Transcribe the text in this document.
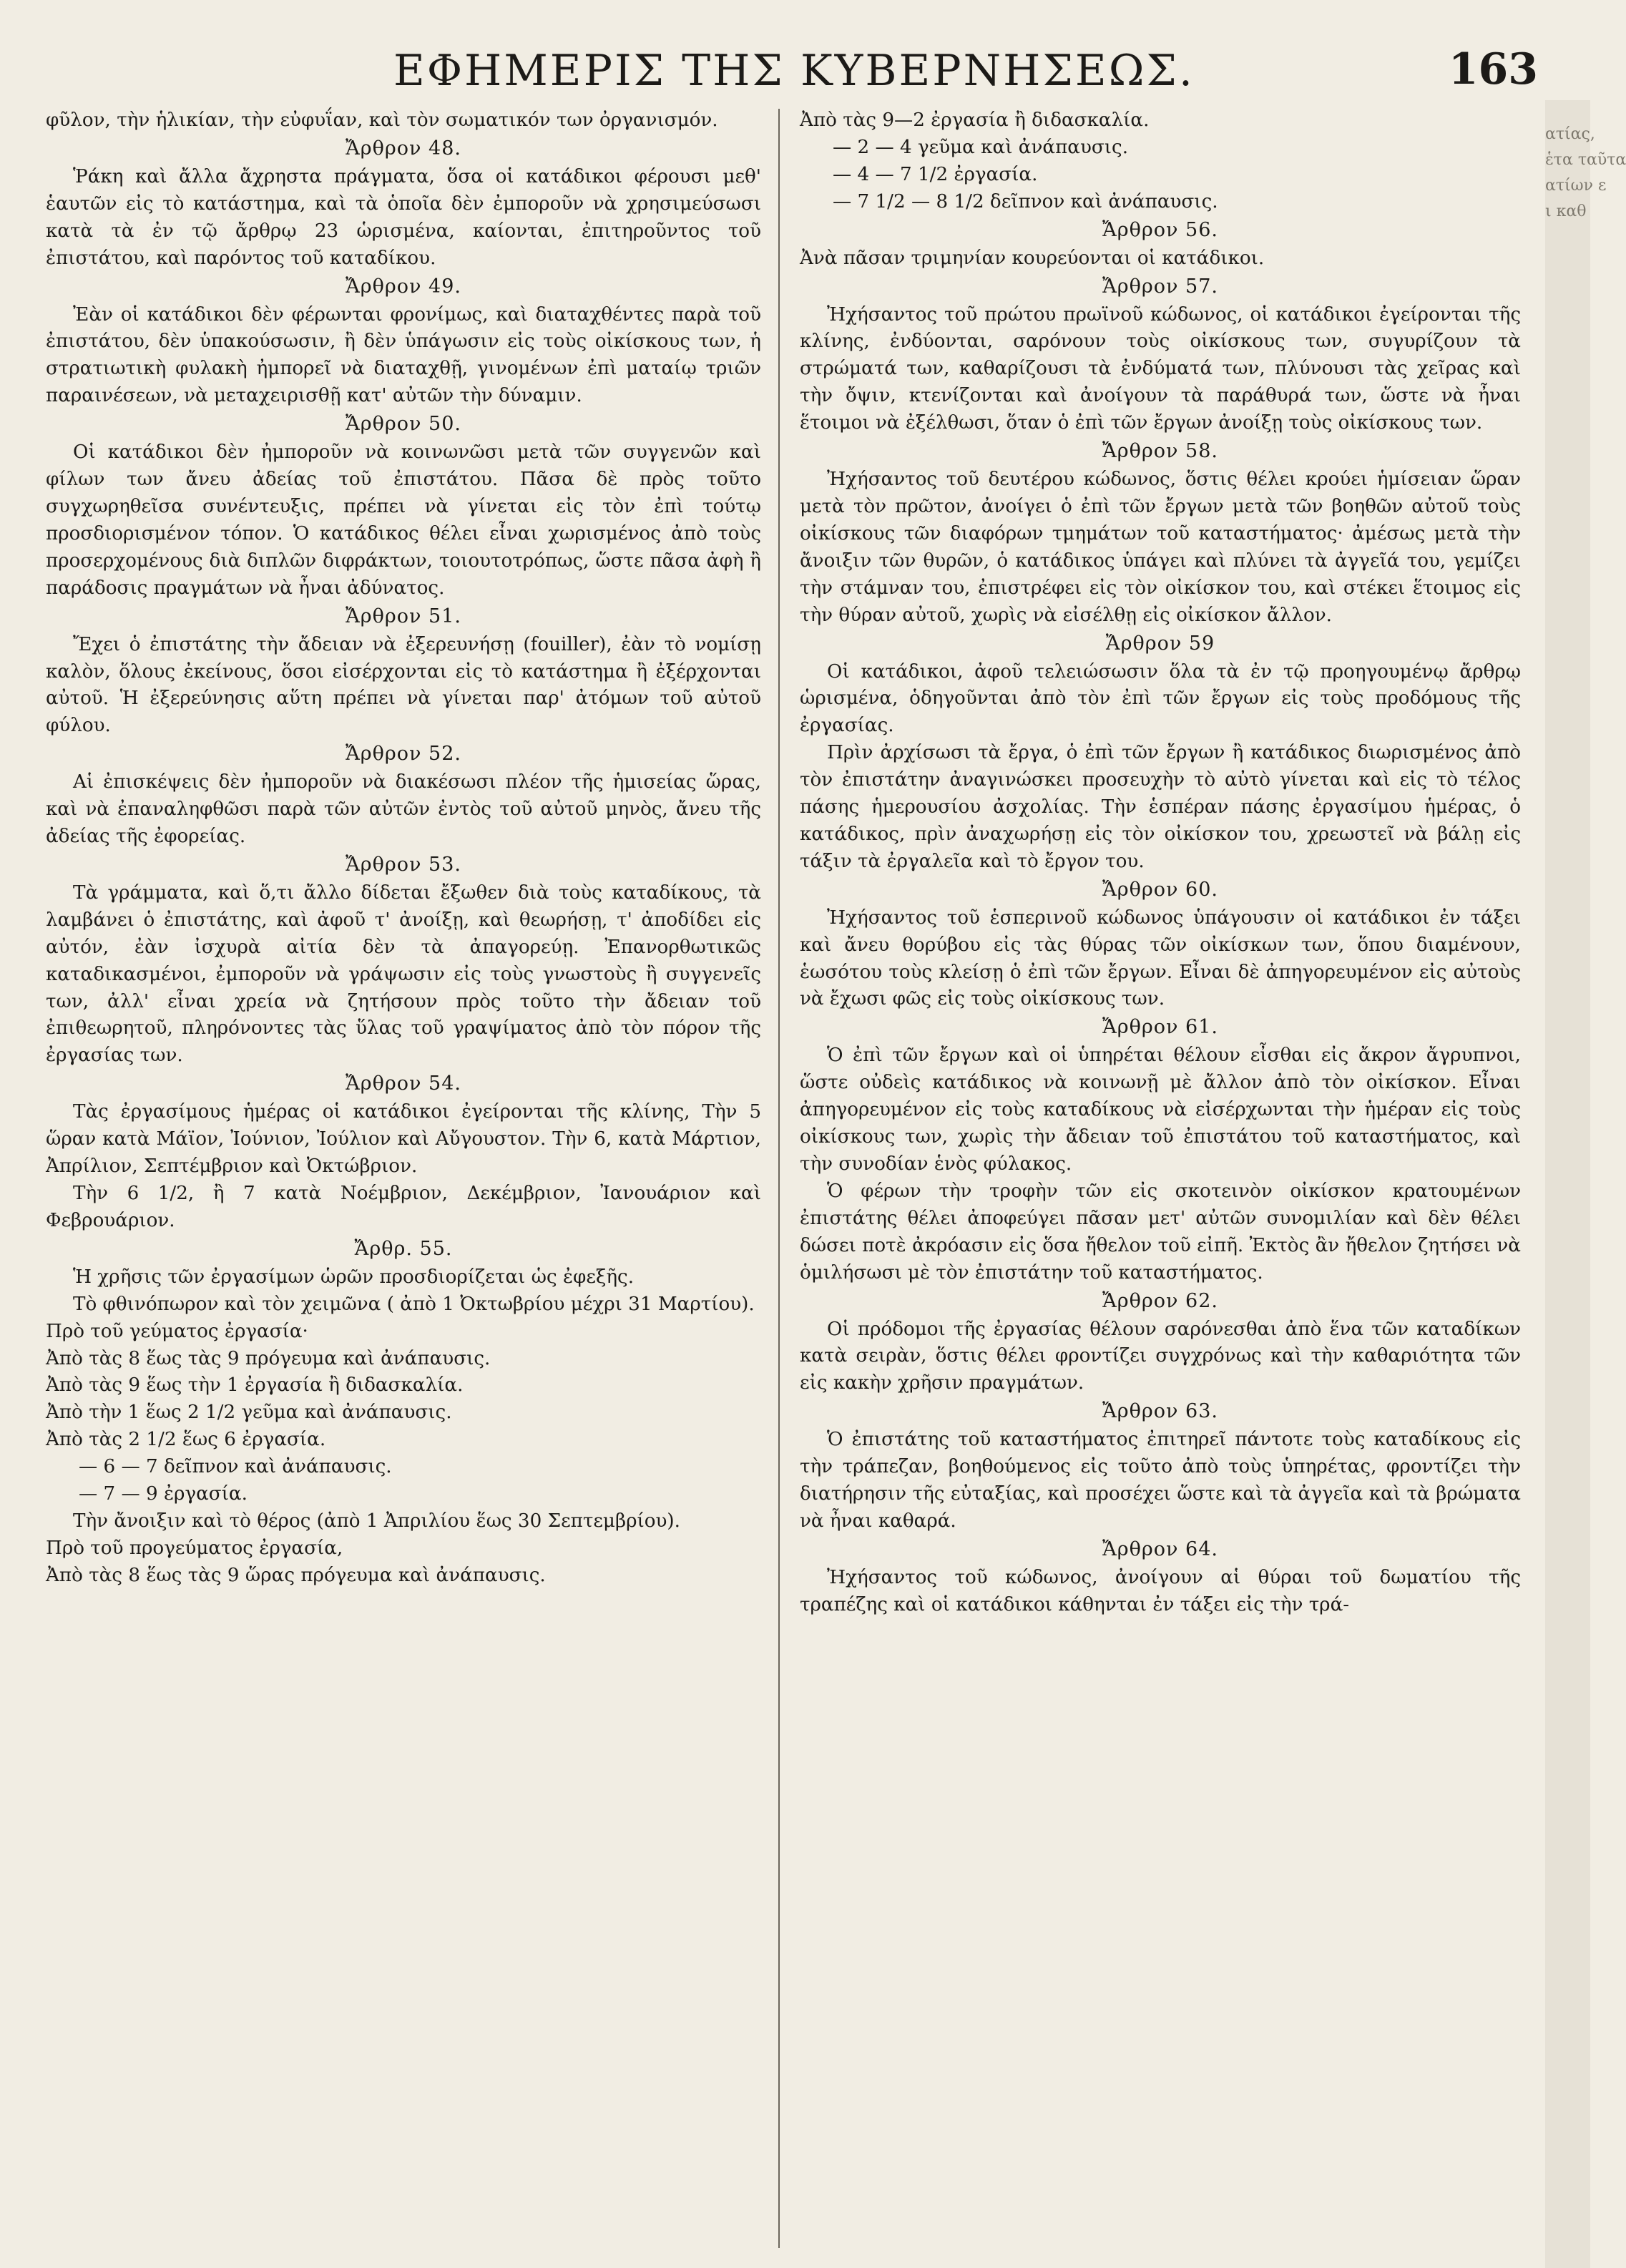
ΕΦΗΜΕΡΙΣ ΤΗΣ ΚΥΒΕΡΝΗΣΕΩΣ.	163

φῦλον, τὴν ἡλικίαν, τὴν εὐφυΐαν, καὶ τὸν σωματικόν των ὀργανισμόν.

Ἄρθρον 48.

Ῥάκη καὶ ἄλλα ἄχρηστα πράγματα, ὅσα οἱ κατάδικοι φέρουσι μεθ' ἑαυτῶν εἰς τὸ κατάστημα, καὶ τὰ ὁποῖα δὲν ἐμποροῦν νὰ χρησιμεύσωσι κατὰ τὰ ἐν τῷ ἄρθρῳ 23 ὡρισμένα, καίονται, ἐπιτηροῦντος τοῦ ἐπιστάτου, καὶ παρόντος τοῦ καταδίκου.

Ἄρθρον 49.

Ἐὰν οἱ κατάδικοι δὲν φέρωνται φρονίμως, καὶ διαταχθέντες παρὰ τοῦ ἐπιστάτου, δὲν ὑπακούσωσιν, ἢ δὲν ὑπάγωσιν εἰς τοὺς οἰκίσκους των, ἡ στρατιωτικὴ φυλακὴ ἠμπορεῖ νὰ διαταχθῇ, γινομένων ἐπὶ ματαίῳ τριῶν παραινέσεων, νὰ μεταχειρισθῇ κατ' αὐτῶν τὴν δύναμιν.

Ἄρθρον 50.

Οἱ κατάδικοι δὲν ἠμποροῦν νὰ κοινωνῶσι μετὰ τῶν συγγενῶν καὶ φίλων των ἄνευ ἀδείας τοῦ ἐπιστάτου. Πᾶσα δὲ πρὸς τοῦτο συγχωρηθεῖσα συνέντευξις, πρέπει νὰ γίνεται εἰς τὸν ἐπὶ τούτῳ προσδιορισμένον τόπον. Ὁ κατάδικος θέλει εἶναι χωρισμένος ἀπὸ τοὺς προσερχομένους διὰ διπλῶν διφράκτων, τοιουτοτρόπως, ὥστε πᾶσα ἀφὴ ἢ παράδοσις πραγμάτων νὰ ἦναι ἀδύνατος.

Ἄρθρον 51.

Ἔχει ὁ ἐπιστάτης τὴν ἄδειαν νὰ ἐξερευνήσῃ (fouiller), ἐὰν τὸ νομίσῃ καλὸν, ὅλους ἐκείνους, ὅσοι εἰσέρχονται εἰς τὸ κατάστημα ἢ ἐξέρχονται αὐτοῦ. Ἡ ἐξερεύνησις αὕτη πρέπει νὰ γίνεται παρ' ἀτόμων τοῦ αὐτοῦ φύλου.

Ἄρθρον 52.

Αἱ ἐπισκέψεις δὲν ἠμποροῦν νὰ διακέσωσι πλέον τῆς ἡμισείας ὥρας, καὶ νὰ ἐπαναληφθῶσι παρὰ τῶν αὐτῶν ἐντὸς τοῦ αὐτοῦ μηνὸς, ἄνευ τῆς ἀδείας τῆς ἐφορείας.

Ἄρθρον 53.

Τὰ γράμματα, καὶ ὅ,τι ἄλλο δίδεται ἔξωθεν διὰ τοὺς καταδίκους, τὰ λαμβάνει ὁ ἐπιστάτης, καὶ ἀφοῦ τ' ἀνοίξῃ, καὶ θεωρήσῃ, τ' ἀποδίδει εἰς αὐτόν, ἐὰν ἰσχυρὰ αἰτία δὲν τὰ ἀπαγορεύῃ. Ἐπανορθωτικῶς καταδικασμένοι, ἐμποροῦν νὰ γράψωσιν εἰς τοὺς γνωστοὺς ἢ συγγενεῖς των, ἀλλ' εἶναι χρεία νὰ ζητήσουν πρὸς τοῦτο τὴν ἄδειαν τοῦ ἐπιθεωρητοῦ, πληρόνοντες τὰς ὕλας τοῦ γραψίματος ἀπὸ τὸν πόρον τῆς ἐργασίας των.

Ἄρθρον 54.

Τὰς ἐργασίμους ἡμέρας οἱ κατάδικοι ἐγείρονται τῆς κλίνης, Τὴν 5 ὥραν κατὰ Μάϊον, Ἰούνιον, Ἰούλιον καὶ Αὔγουστον. Τὴν 6, κατὰ Μάρτιον, Ἀπρίλιον, Σεπτέμβριον καὶ Ὀκτώβριον.

Τὴν 6 1/2, ἢ 7 κατὰ Νοέμβριον, Δεκέμβριον, Ἰανουάριον καὶ Φεβρουάριον.

Ἄρθρ. 55.

Ἡ χρῆσις τῶν ἐργασίμων ὡρῶν προσδιορίζεται ὡς ἐφεξῆς.

Τὸ φθινόπωρον καὶ τὸν χειμῶνα ( ἀπὸ 1 Ὀκτωβρίου μέχρι 31 Μαρτίου).

Πρὸ τοῦ γεύματος ἐργασία·

Ἀπὸ τὰς 8 ἕως τὰς 9 πρόγευμα καὶ ἀνάπαυσις.

Ἀπὸ τὰς 9 ἕως τὴν 1 ἐργασία ἢ διδασκαλία.

Ἀπὸ τὴν 1 ἕως 2 1/2 γεῦμα καὶ ἀνάπαυσις.

Ἀπὸ τὰς 2 1/2 ἕως 6 ἐργασία.

— 6 — 7 δεῖπνον καὶ ἀνάπαυσις.

— 7 — 9 ἐργασία.

Τὴν ἄνοιξιν καὶ τὸ θέρος (ἀπὸ 1 Ἀπριλίου ἕως 30 Σεπτεμβρίου).

Πρὸ τοῦ προγεύματος ἐργασία,

Ἀπὸ τὰς 8 ἕως τὰς 9 ὥρας πρόγευμα καὶ ἀνάπαυσις.

Ἀπὸ τὰς 9—2 ἐργασία ἢ διδασκαλία.

— 2 — 4 γεῦμα καὶ ἀνάπαυσις.

— 4 — 7 1/2 ἐργασία.

— 7 1/2 — 8 1/2 δεῖπνον καὶ ἀνάπαυσις.

Ἄρθρον 56.

Ἀνὰ πᾶσαν τριμηνίαν κουρεύονται οἱ κατάδικοι.

Ἄρθρον 57.

Ἠχήσαντος τοῦ πρώτου πρωϊνοῦ κώδωνος, οἱ κατάδικοι ἐγείρονται τῆς κλίνης, ἐνδύονται, σαρόνουν τοὺς οἰκίσκους των, συγυρίζουν τὰ στρώματά των, καθαρίζουσι τὰ ἐνδύματά των, πλύνουσι τὰς χεῖρας καὶ τὴν ὄψιν, κτενίζονται καὶ ἀνοίγουν τὰ παράθυρά των, ὥστε νὰ ἦναι ἕτοιμοι νὰ ἐξέλθωσι, ὅταν ὁ ἐπὶ τῶν ἔργων ἀνοίξῃ τοὺς οἰκίσκους των.

Ἄρθρον 58.

Ἠχήσαντος τοῦ δευτέρου κώδωνος, ὅστις θέλει κρούει ἡμίσειαν ὥραν μετὰ τὸν πρῶτον, ἀνοίγει ὁ ἐπὶ τῶν ἔργων μετὰ τῶν βοηθῶν αὐτοῦ τοὺς οἰκίσκους τῶν διαφόρων τμημάτων τοῦ καταστήματος· ἀμέσως μετὰ τὴν ἄνοιξιν τῶν θυρῶν, ὁ κατάδικος ὑπάγει καὶ πλύνει τὰ ἀγγεῖά του, γεμίζει τὴν στάμναν του, ἐπιστρέφει εἰς τὸν οἰκίσκον του, καὶ στέκει ἕτοιμος εἰς τὴν θύραν αὐτοῦ, χωρὶς νὰ εἰσέλθῃ εἰς οἰκίσκον ἄλλον.

Ἄρθρον 59

Οἱ κατάδικοι, ἀφοῦ τελειώσωσιν ὅλα τὰ ἐν τῷ προηγουμένῳ ἄρθρῳ ὡρισμένα, ὁδηγοῦνται ἀπὸ τὸν ἐπὶ τῶν ἔργων εἰς τοὺς προδόμους τῆς ἐργασίας.

Πρὶν ἀρχίσωσι τὰ ἔργα, ὁ ἐπὶ τῶν ἔργων ἢ κατάδικος διωρισμένος ἀπὸ τὸν ἐπιστάτην ἀναγινώσκει προσευχὴν τὸ αὐτὸ γίνεται καὶ εἰς τὸ τέλος πάσης ἡμερουσίου ἀσχολίας. Τὴν ἑσπέραν πάσης ἐργασίμου ἡμέρας, ὁ κατάδικος, πρὶν ἀναχωρήσῃ εἰς τὸν οἰκίσκον του, χρεωστεῖ νὰ βάλῃ εἰς τάξιν τὰ ἐργαλεῖα καὶ τὸ ἔργον του.

Ἄρθρον 60.

Ἠχήσαντος τοῦ ἑσπερινοῦ κώδωνος ὑπάγουσιν οἱ κατάδικοι ἐν τάξει καὶ ἄνευ θορύβου εἰς τὰς θύρας τῶν οἰκίσκων των, ὅπου διαμένουν, ἑωσότου τοὺς κλείσῃ ὁ ἐπὶ τῶν ἔργων. Εἶναι δὲ ἀπηγορευμένον εἰς αὐτοὺς νὰ ἔχωσι φῶς εἰς τοὺς οἰκίσκους των.

Ἄρθρον 61.

Ὁ ἐπὶ τῶν ἔργων καὶ οἱ ὑπηρέται θέλουν εἶσθαι εἰς ἄκρον ἄγρυπνοι, ὥστε οὐδεὶς κατάδικος νὰ κοινωνῇ μὲ ἄλλον ἀπὸ τὸν οἰκίσκον. Εἶναι ἀπηγορευμένον εἰς τοὺς καταδίκους νὰ εἰσέρχωνται τὴν ἡμέραν εἰς τοὺς οἰκίσκους των, χωρὶς τὴν ἄδειαν τοῦ ἐπιστάτου τοῦ καταστήματος, καὶ τὴν συνοδίαν ἑνὸς φύλακος.

Ὁ φέρων τὴν τροφὴν τῶν εἰς σκοτεινὸν οἰκίσκον κρατουμένων ἐπιστάτης θέλει ἀποφεύγει πᾶσαν μετ' αὐτῶν συνομιλίαν καὶ δὲν θέλει δώσει ποτὲ ἀκρόασιν εἰς ὅσα ἤθελον τοῦ εἰπῆ. Ἐκτὸς ἂν ἤθελον ζητήσει νὰ ὁμιλήσωσι μὲ τὸν ἐπιστάτην τοῦ καταστήματος.

Ἄρθρον 62.

Οἱ πρόδομοι τῆς ἐργασίας θέλουν σαρόνεσθαι ἀπὸ ἕνα τῶν καταδίκων κατὰ σειρὰν, ὅστις θέλει φροντίζει συγχρόνως καὶ τὴν καθαριότητα τῶν εἰς κακὴν χρῆσιν πραγμάτων.

Ἄρθρον 63.

Ὁ ἐπιστάτης τοῦ καταστήματος ἐπιτηρεῖ πάντοτε τοὺς καταδίκους εἰς τὴν τράπεζαν, βοηθούμενος εἰς τοῦτο ἀπὸ τοὺς ὑπηρέτας, φροντίζει τὴν διατήρησιν τῆς εὐταξίας, καὶ προσέχει ὥστε καὶ τὰ ἀγγεῖα καὶ τὰ βρώματα νὰ ἦναι καθαρά.

Ἄρθρον 64.

Ἠχήσαντος τοῦ κώδωνος, ἀνοίγουν αἱ θύραι τοῦ δωματίου τῆς τραπέζης καὶ οἱ κατάδικοι κάθηνται ἐν τάξει εἰς τὴν τρά-

ατίας,
ἑτα ταῦτα
ατίων ε
ι καθ
